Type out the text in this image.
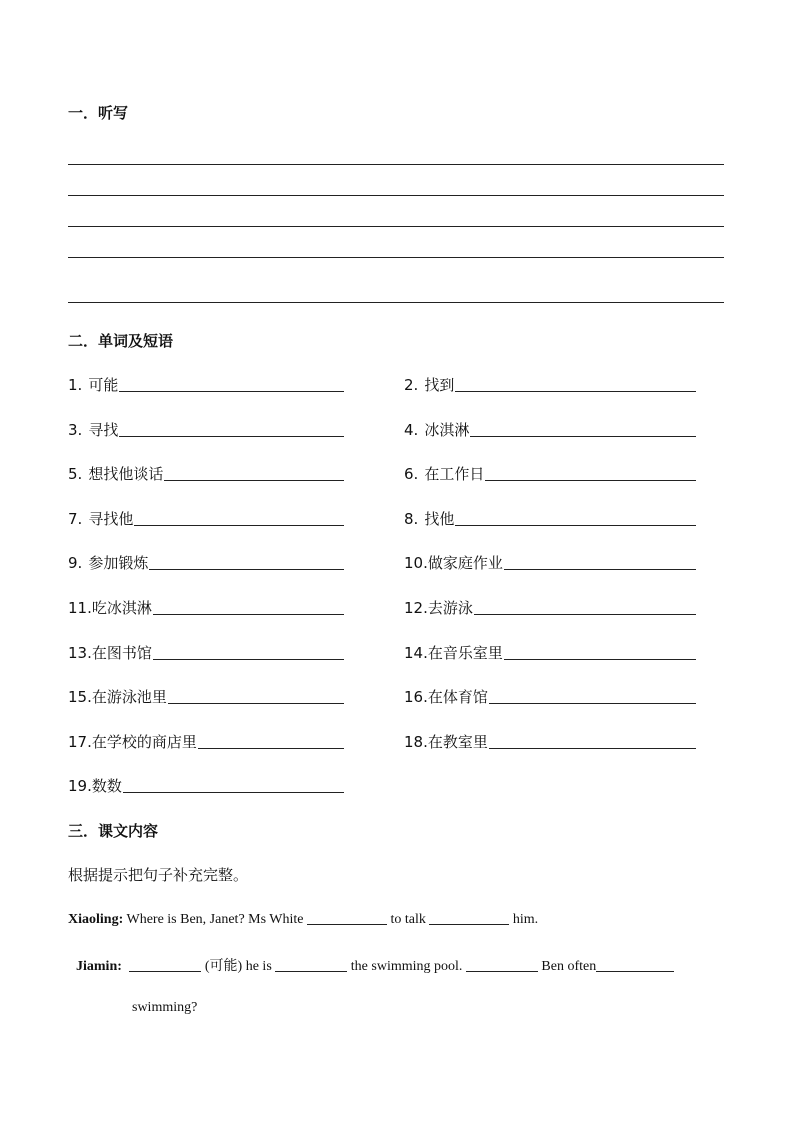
一．听写
二．单词及短语
1. 可能	2. 找到
3. 寻找	4. 冰淇淋
5. 想找他谈话	6. 在工作日
7. 寻找他	8. 找他
9. 参加锻炼	10.做家庭作业
11.吃冰淇淋	12.去游泳
13.在图书馆	14.在音乐室里
15.在游泳池里	16.在体育馆
17.在学校的商店里	18.在教室里
19.数数
三．课文内容
根据提示把句子补充完整。
Xiaoling: Where is Ben, Janet? Ms White	to talk	him.
Jiamin:	(可能) he is	the swimming pool.	Ben often
swimming?
